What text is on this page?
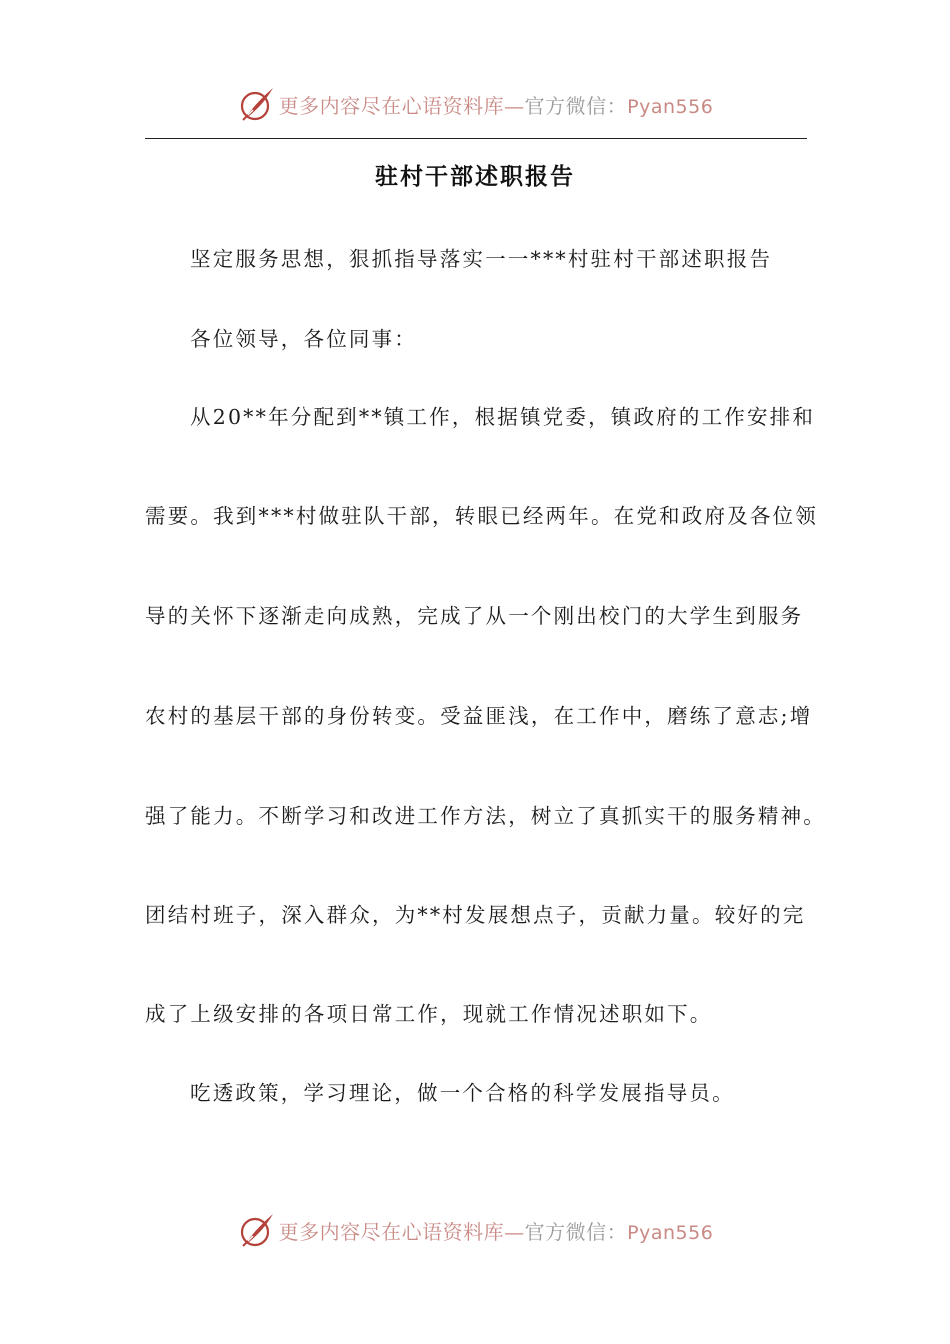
更多内容尽在心语资料库—官方微信：Pyan556
驻村干部述职报告
坚定服务思想，狠抓指导落实一一***村驻村干部述职报告
各位领导，各位同事：
从20**年分配到**镇工作，根据镇党委，镇政府的工作安排和
需要。我到***村做驻队干部，转眼已经两年。在党和政府及各位领
导的关怀下逐渐走向成熟，完成了从一个刚出校门的大学生到服务
农村的基层干部的身份转变。受益匪浅，在工作中，磨练了意志;增
强了能力。不断学习和改进工作方法，树立了真抓实干的服务精神。
团结村班子，深入群众，为**村发展想点子，贡献力量。较好的完
成了上级安排的各项日常工作，现就工作情况述职如下。
吃透政策，学习理论，做一个合格的科学发展指导员。
更多内容尽在心语资料库—官方微信：Pyan556
